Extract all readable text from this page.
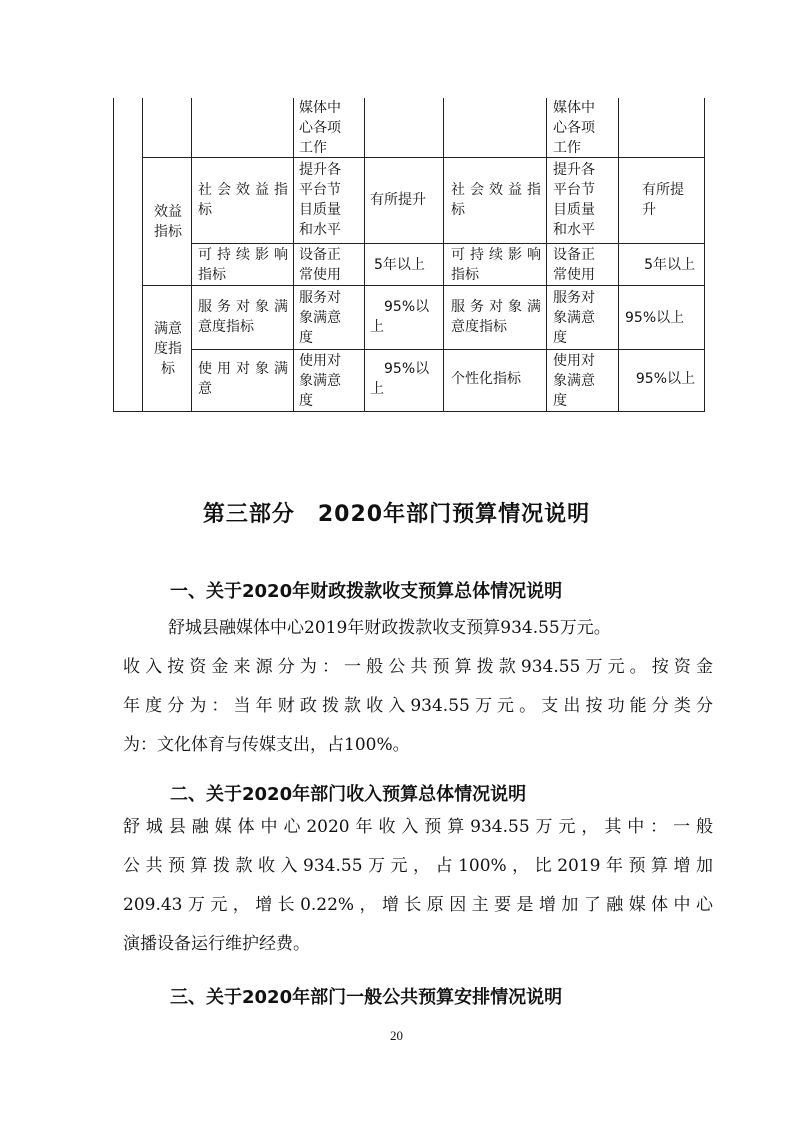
媒体中
心各项
工作
媒体中
心各项
工作
效益
指标
社会效益指
标
提升各
平台节
目质量
和水平
有所提升
社会效益指
标
提升各
平台节
目质量
和水平
有所提
升
可持续影响
指标
设备正
常使用
5年以上
可持续影响
指标
设备正
常使用
5年以上
满意
度指
标
服务对象满
意度指标
服务对
象满意
度
95%以
上
服务对象满
意度指标
服务对
象满意
度
95%以上
使用对象满
意
使用对
象满意
度
95%以
上
个性化指标
使用对
象满意
度
95%以上
第三部分　2020年部门预算情况说明
一、关于2020年财政拨款收支预算总体情况说明
舒城县融媒体中心2019年财政拨款收支预算934.55万元。
收入按资金来源分为：一般公共预算拨款934.55万元。按资金
年度分为：当年财政拨款收入934.55万元。支出按功能分类分
为：文化体育与传媒支出，占100%。
二、关于2020年部门收入预算总体情况说明
舒城县融媒体中心2020年收入预算934.55万元，其中：一般
公共预算拨款收入934.55万元，占100%，比2019年预算增加
209.43万元，增长0.22%，增长原因主要是增加了融媒体中心
演播设备运行维护经费。
三、关于2020年部门一般公共预算安排情况说明
20
